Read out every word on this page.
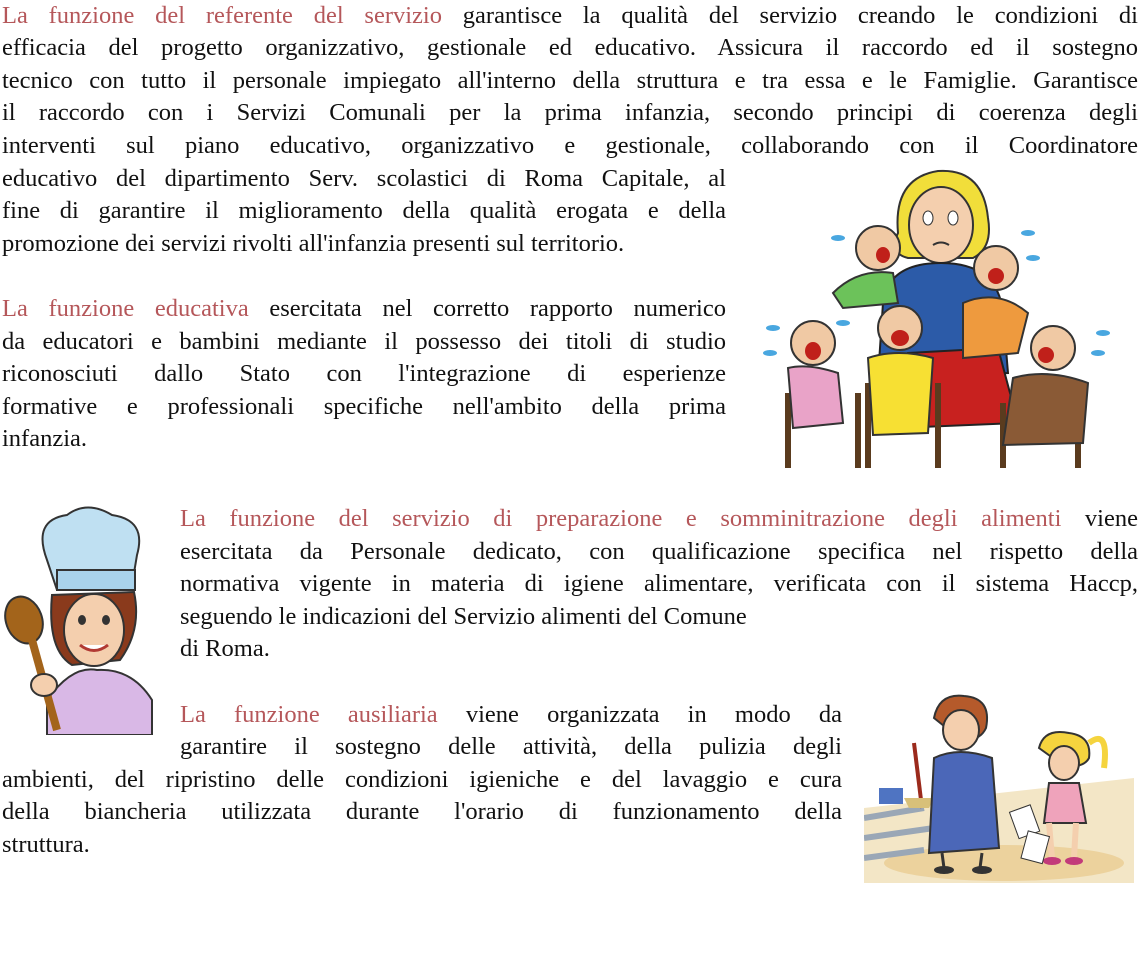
La funzione del referente del servizio garantisce la qualità del servizio creando le condizioni di

efficacia del progetto organizzativo, gestionale ed educativo. Assicura il raccordo ed il sostegno

tecnico con tutto il personale impiegato all'interno della struttura e tra essa e le Famiglie. Garantisce

il raccordo con i Servizi Comunali per la prima infanzia, secondo principi di coerenza degli

interventi sul piano educativo, organizzativo e gestionale, collaborando con il Coordinatore

educativo del dipartimento Serv. scolastici di Roma Capitale, al

fine di garantire il miglioramento della qualità erogata e della

promozione dei servizi rivolti all'infanzia presenti sul territorio.

La funzione educativa esercitata nel corretto rapporto numerico

da educatori e bambini mediante il possesso dei titoli di studio

riconosciuti dallo Stato con l'integrazione di esperienze

formative e professionali specifiche nell'ambito della prima

infanzia.

La funzione del servizio di preparazione e somminitrazione degli alimenti viene

esercitata da Personale dedicato, con qualificazione specifica nel rispetto della

normativa vigente in materia di igiene alimentare, verificata con il sistema Haccp,

seguendo le indicazioni del Servizio alimenti del Comune

di Roma.

La funzione ausiliaria viene organizzata in modo da

garantire il sostegno delle attività, della pulizia degli

ambienti, del ripristino delle condizioni igieniche e del lavaggio e cura

della biancheria utilizzata durante l'orario di funzionamento della

struttura.
